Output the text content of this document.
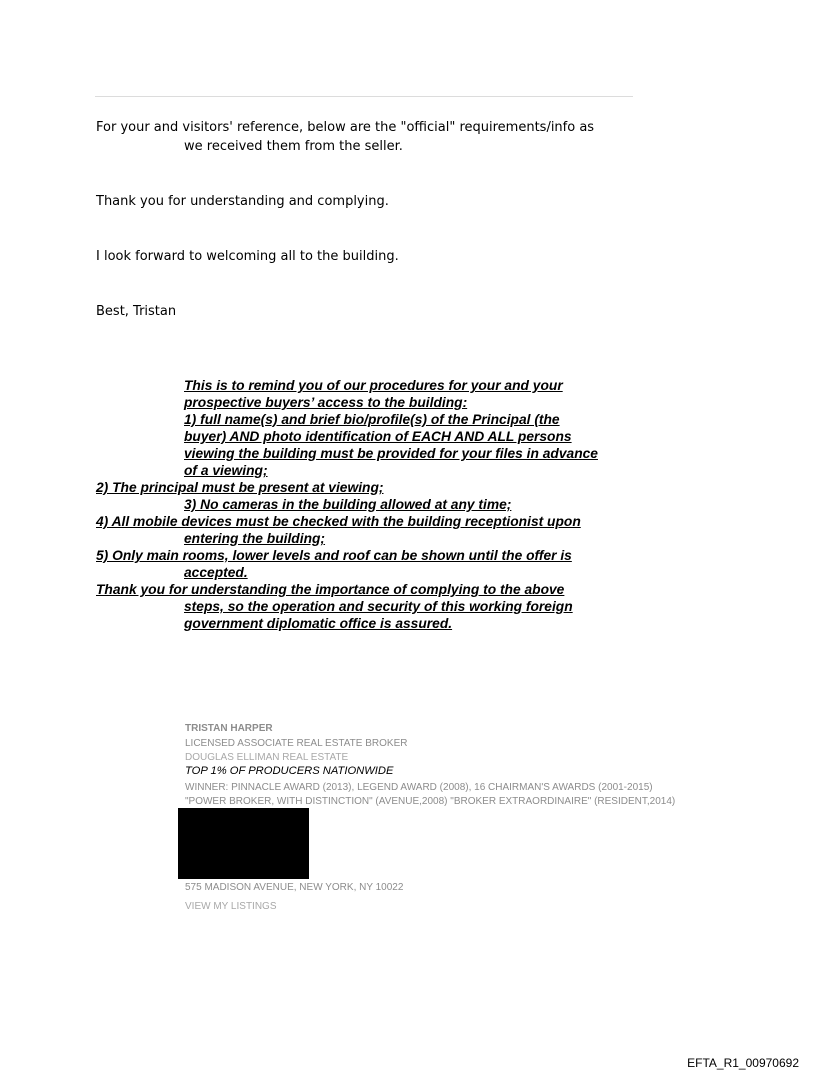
For your and visitors' reference, below are the "official" requirements/info as
we received them from the seller.
Thank you for understanding and complying.
I look forward to welcoming all to the building.
Best, Tristan
This is to remind you of our procedures for your and your
prospective buyers’ access to the building:
1) full name(s) and brief bio/profile(s) of the Principal (the
buyer) AND photo identification of EACH AND ALL persons
viewing the building must be provided for your files in advance
of a viewing;
2) The principal must be present at viewing;
3) No cameras in the building allowed at any time;
4) All mobile devices must be checked with the building receptionist upon
entering the building;
5) Only main rooms, lower levels and roof can be shown until the offer is
accepted.
Thank you for understanding the importance of complying to the above
steps, so the operation and security of this working foreign
government diplomatic office is assured.
TRISTAN HARPER
LICENSED ASSOCIATE REAL ESTATE BROKER
DOUGLAS ELLIMAN REAL ESTATE
TOP 1% OF PRODUCERS NATIONWIDE
WINNER: PINNACLE AWARD (2013), LEGEND AWARD (2008), 16 CHAIRMAN'S AWARDS (2001-2015)
"POWER BROKER, WITH DISTINCTION" (AVENUE,2008) "BROKER EXTRAORDINAIRE" (RESIDENT,2014)
575 MADISON AVENUE, NEW YORK, NY 10022
VIEW MY LISTINGS
EFTA_R1_00970692
